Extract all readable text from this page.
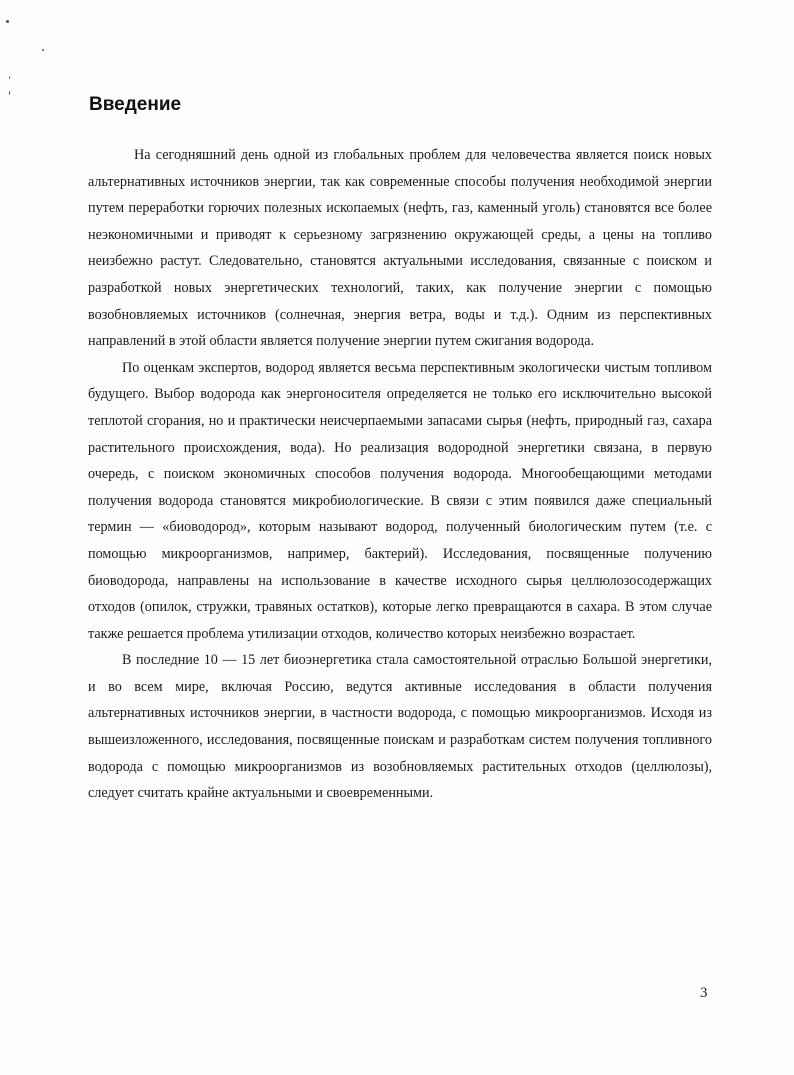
Введение

На сегодняшний день одной из глобальных проблем для человечества является поиск новых альтернативных источников энергии, так как современные способы получения необходимой энергии путем переработки горючих полезных ископаемых (нефть, газ, каменный уголь) становятся все более неэкономичными и приводят к серьезному загрязнению окружающей среды, а цены на топливо неизбежно растут. Следовательно, становятся актуальными исследования, связанные с поиском и разработкой новых энергетических технологий, таких, как получение энергии с помощью возобновляемых источников (солнечная, энергия ветра, воды и т.д.). Одним из перспективных направлений в этой области является получение энергии путем сжигания водорода.

По оценкам экспертов, водород является весьма перспективным экологически чистым топливом будущего. Выбор водорода как энергоносителя определяется не только его исключительно высокой теплотой сгорания, но и практически неисчерпаемыми запасами сырья (нефть, природный газ, сахара растительного происхождения, вода). Но реализация водородной энергетики связана, в первую очередь, с поиском экономичных способов получения водорода. Многообещающими методами получения водорода становятся микробиологические. В связи с этим появился даже специальный термин — «биоводород», которым называют водород, полученный биологическим путем (т.е. с помощью микроорганизмов, например, бактерий). Исследования, посвященные получению биоводорода, направлены на использование в качестве исходного сырья целлюлозосодержащих отходов (опилок, стружки, травяных остатков), которые легко превращаются в сахара. В этом случае также решается проблема утилизации отходов, количество которых неизбежно возрастает.

В последние 10 — 15 лет биоэнергетика стала самостоятельной отраслью Большой энергетики, и во всем мире, включая Россию, ведутся активные исследования в области получения альтернативных источников энергии, в частности водорода, с помощью микроорганизмов. Исходя из вышеизложенного, исследования, посвященные поискам и разработкам систем получения топливного водорода с помощью микроорганизмов из возобновляемых растительных отходов (целлюлозы), следует считать крайне актуальными и своевременными.

3
